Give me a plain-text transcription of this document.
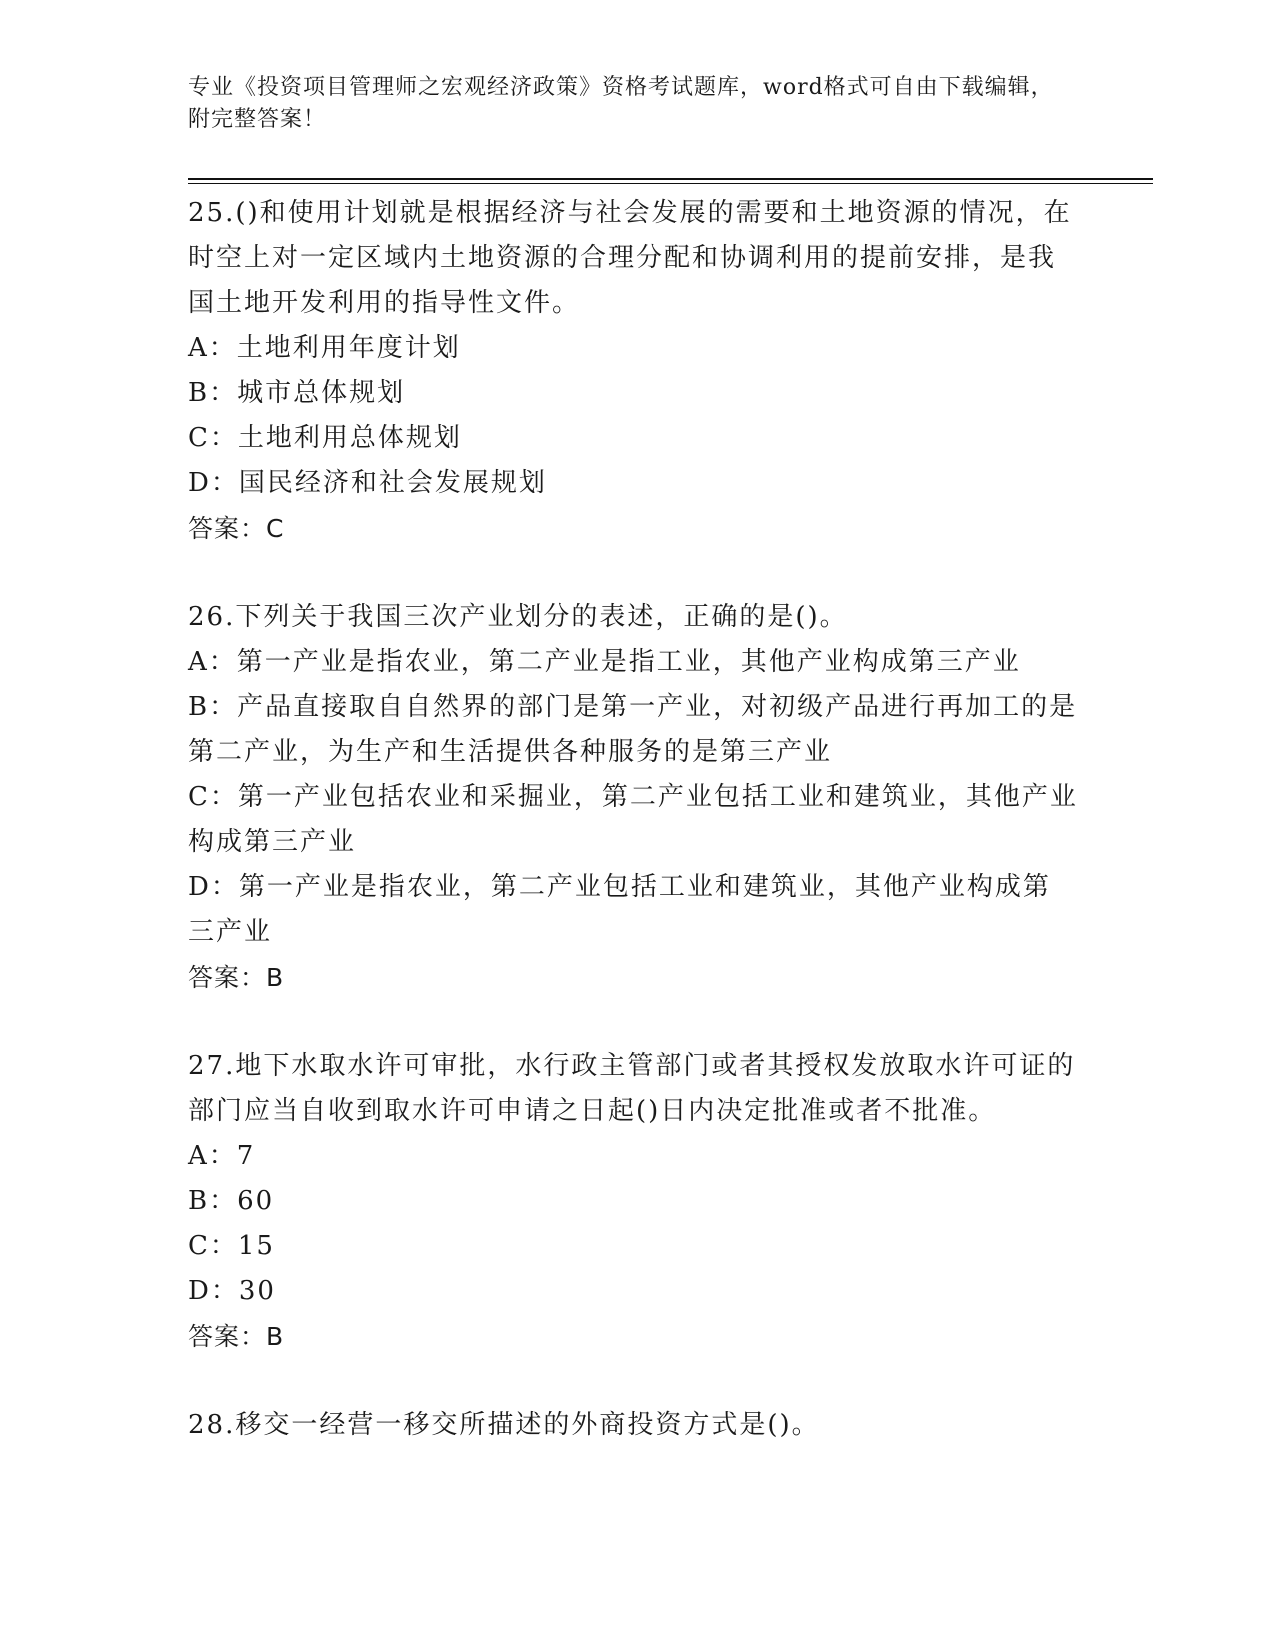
专业《投资项目管理师之宏观经济政策》资格考试题库，word格式可自由下载编辑，附完整答案！

25.()和使用计划就是根据经济与社会发展的需要和土地资源的情况，在时空上对一定区域内土地资源的合理分配和协调利用的提前安排，是我国土地开发利用的指导性文件。

A：土地利用年度计划

B：城市总体规划

C：土地利用总体规划

D：国民经济和社会发展规划

答案：C

26.下列关于我国三次产业划分的表述，正确的是()。

A：第一产业是指农业，第二产业是指工业，其他产业构成第三产业

B：产品直接取自自然界的部门是第一产业，对初级产品进行再加工的是第二产业，为生产和生活提供各种服务的是第三产业

C：第一产业包括农业和采掘业，第二产业包括工业和建筑业，其他产业构成第三产业

D：第一产业是指农业，第二产业包括工业和建筑业，其他产业构成第三产业

答案：B

27.地下水取水许可审批，水行政主管部门或者其授权发放取水许可证的部门应当自收到取水许可申请之日起()日内决定批准或者不批准。

A：7

B：60

C：15

D：30

答案：B

28.移交一经营一移交所描述的外商投资方式是()。
